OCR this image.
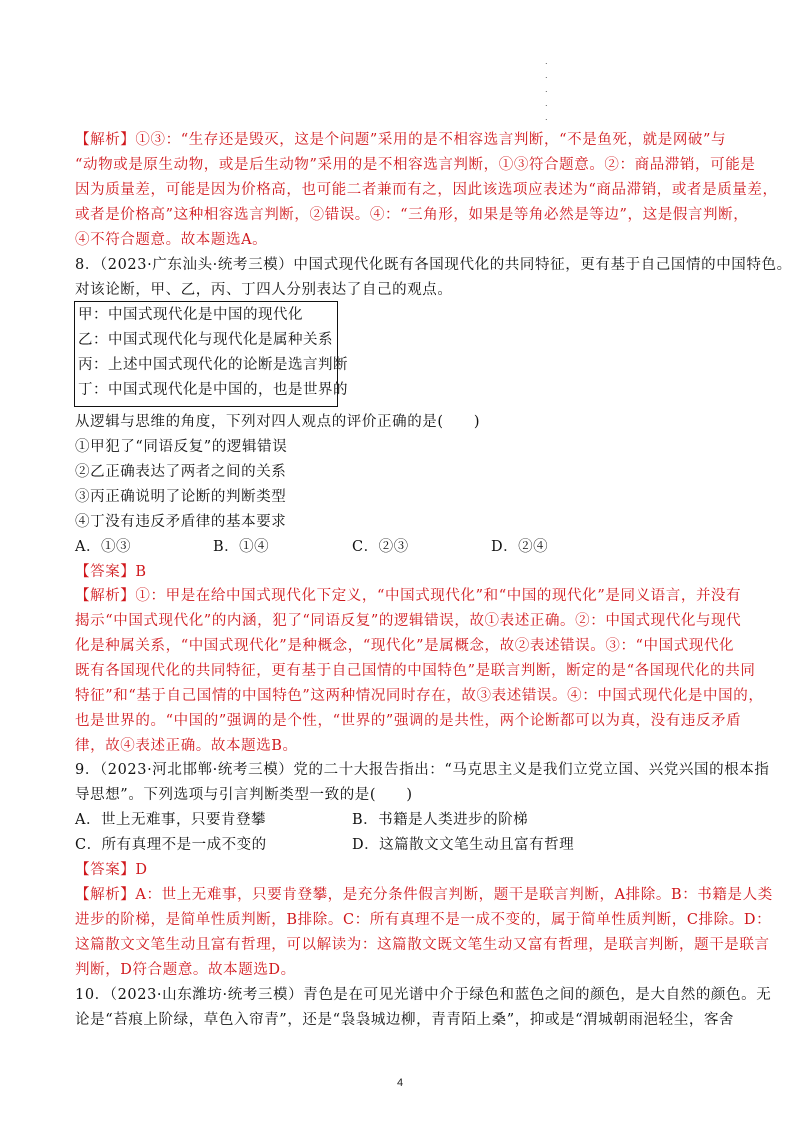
.
.
.
.
.
【解析】①③：“生存还是毁灭，这是个问题”采用的是不相容选言判断，“不是鱼死，就是网破”与
“动物或是原生动物，或是后生动物”采用的是不相容选言判断，①③符合题意。②：商品滞销，可能是
因为质量差，可能是因为价格高，也可能二者兼而有之，因此该选项应表述为“商品滞销，或者是质量差，
或者是价格高”这种相容选言判断，②错误。④：“三角形，如果是等角必然是等边”，这是假言判断，
④不符合题意。故本题选A。
8．（2023·广东汕头·统考三模）中国式现代化既有各国现代化的共同特征，更有基于自己国情的中国特色。
对该论断，甲、乙，丙、丁四人分别表达了自己的观点。
甲：中国式现代化是中国的现代化
乙：中国式现代化与现代化是属种关系
丙：上述中国式现代化的论断是选言判断
丁：中国式现代化是中国的，也是世界的
从逻辑与思维的角度，下列对四人观点的评价正确的是(　　)
①甲犯了“同语反复”的逻辑错误
②乙正确表达了两者之间的关系
③丙正确说明了论断的判断类型
④丁没有违反矛盾律的基本要求
A．①③	B．①④	C．②③	D．②④
【答案】B
【解析】①：甲是在给中国式现代化下定义，“中国式现代化”和“中国的现代化”是同义语言，并没有
揭示“中国式现代化”的内涵，犯了“同语反复”的逻辑错误，故①表述正确。②：中国式现代化与现代
化是种属关系，“中国式现代化”是种概念，“现代化”是属概念，故②表述错误。③：“中国式现代化
既有各国现代化的共同特征，更有基于自己国情的中国特色”是联言判断，断定的是“各国现代化的共同
特征”和“基于自己国情的中国特色”这两种情况同时存在，故③表述错误。④：中国式现代化是中国的，
也是世界的。“中国的”强调的是个性，“世界的”强调的是共性，两个论断都可以为真，没有违反矛盾
律，故④表述正确。故本题选B。
9．（2023·河北邯郸·统考三模）党的二十大报告指出：“马克思主义是我们立党立国、兴党兴国的根本指
导思想”。下列选项与引言判断类型一致的是(　　)
A．世上无难事，只要肯登攀	B．书籍是人类进步的阶梯
C．所有真理不是一成不变的	D．这篇散文文笔生动且富有哲理
【答案】D
【解析】A：世上无难事，只要肯登攀，是充分条件假言判断，题干是联言判断，A排除。B：书籍是人类
进步的阶梯，是简单性质判断，B排除。C：所有真理不是一成不变的，属于简单性质判断，C排除。D：
这篇散文文笔生动且富有哲理，可以解读为：这篇散文既文笔生动又富有哲理，是联言判断，题干是联言
判断，D符合题意。故本题选D。
10．（2023·山东潍坊·统考三模）青色是在可见光谱中介于绿色和蓝色之间的颜色，是大自然的颜色。无
论是“苔痕上阶绿，草色入帘青”，还是“袅袅城边柳，青青陌上桑”，抑或是“渭城朝雨浥轻尘，客舍
4
